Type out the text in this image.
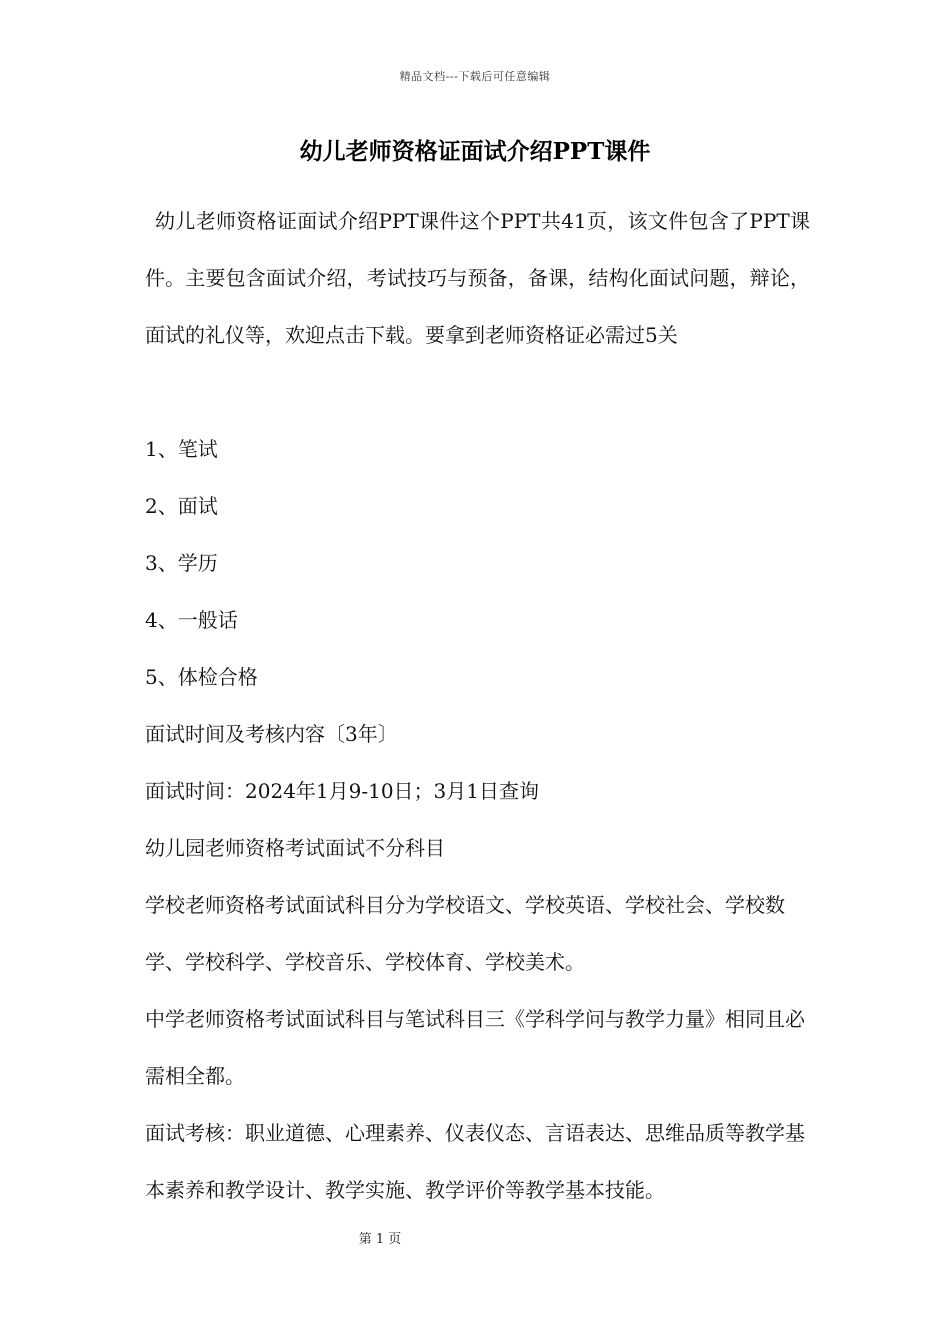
精品文档---下载后可任意编辑
幼儿老师资格证面试介绍PPT课件

幼儿老师资格证面试介绍PPT课件这个PPT共41页，该文件包含了PPT课件。主要包含面试介绍，考试技巧与预备，备课，结构化面试问题，辩论，面试的礼仪等，欢迎点击下载。要拿到老师资格证必需过5关

1、笔试
2、面试
3、学历
4、一般话
5、体检合格
面试时间及考核内容〔3年〕
面试时间：2024年1月9-10日；3月1日查询
幼儿园老师资格考试面试不分科目
学校老师资格考试面试科目分为学校语文、学校英语、学校社会、学校数学、学校科学、学校音乐、学校体育、学校美术。
中学老师资格考试面试科目与笔试科目三《学科学问与教学力量》相同且必需相全都。
面试考核：职业道德、心理素养、仪表仪态、言语表达、思维品质等教学基本素养和教学设计、教学实施、教学评价等教学基本技能。
第 1 页
